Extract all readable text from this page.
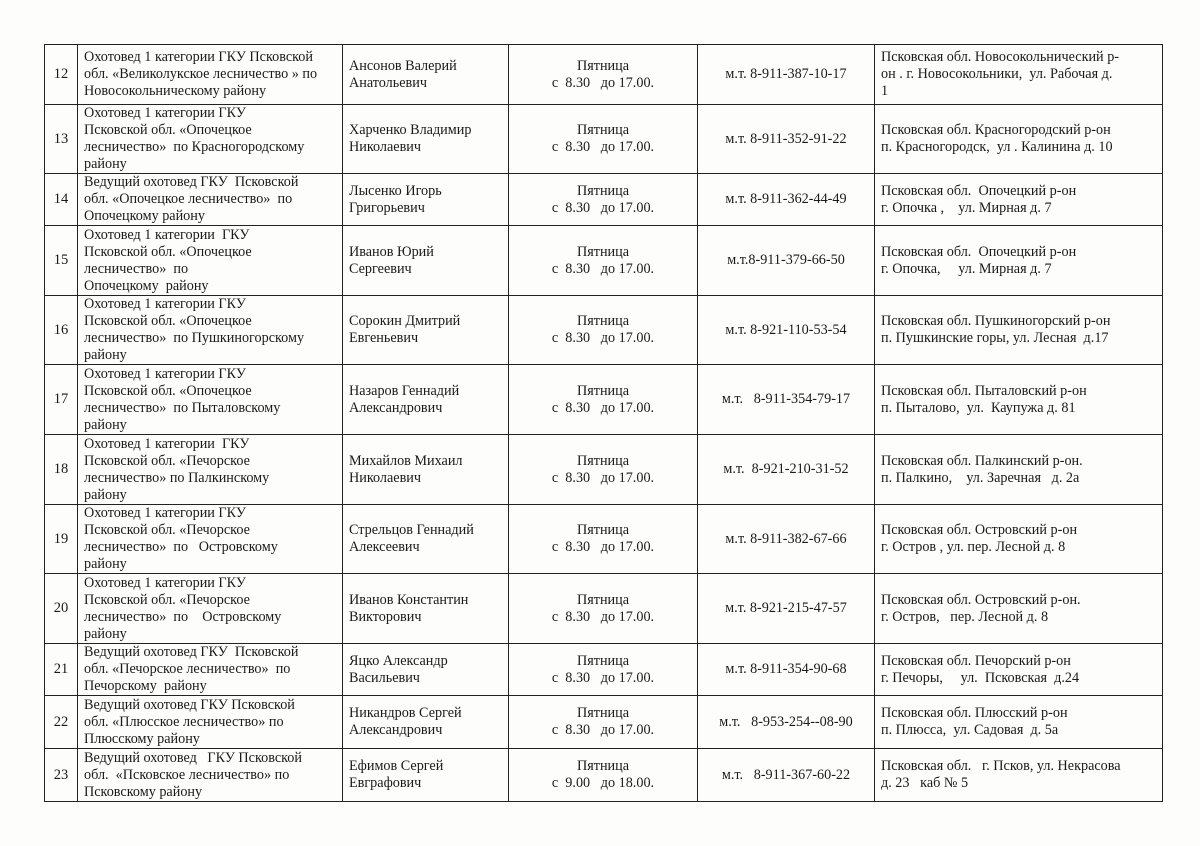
12	Охотовед 1 категории ГКУ Псковской
обл. «Великолукское лесничество » по
Новосокольническому району	Ансонов Валерий
Анатольевич	Пятница
с  8.30   до 17.00.	м.т. 8-911-387-10-17	Псковская обл. Новосокольнический р-
он . г. Новосокольники,  ул. Рабочая д.
1

13	Охотовед 1 категории ГКУ
Псковской обл. «Опочецкое
лесничество»  по Красногородскому
району	Харченко Владимир
Николаевич	Пятница
с  8.30   до 17.00.	м.т. 8-911-352-91-22	Псковская обл. Красногородский р-он
п. Красногородск,  ул . Калинина д. 10

14	Ведущий охотовед ГКУ  Псковской
обл. «Опочецкое лесничество»  по
Опочецкому району	Лысенко Игорь
Григорьевич	Пятница
с  8.30   до 17.00.	м.т. 8-911-362-44-49	Псковская обл.  Опочецкий р-он
г. Опочка ,    ул. Мирная д. 7

15	Охотовед 1 категории  ГКУ
Псковской обл. «Опочецкое
лесничество»  по
Опочецкому  району	Иванов Юрий
Сергеевич	Пятница
с  8.30   до 17.00.	м.т.8-911-379-66-50	Псковская обл.  Опочецкий р-он
г. Опочка,     ул. Мирная д. 7

16	Охотовед 1 категории ГКУ
Псковской обл. «Опочецкое
лесничество»  по Пушкиногорскому
району	Сорокин Дмитрий
Евгеньевич	Пятница
с  8.30   до 17.00.	м.т. 8-921-110-53-54	Псковская обл. Пушкиногорский р-он
п. Пушкинские горы, ул. Лесная  д.17

17	Охотовед 1 категории ГКУ
Псковской обл. «Опочецкое
лесничество»  по Пыталовскому
району	Назаров Геннадий
Александрович	Пятница
с  8.30   до 17.00.	м.т.   8-911-354-79-17	Псковская обл. Пыталовский р-он
п. Пыталово,  ул.  Каупужа д. 81

18	Охотовед 1 категории  ГКУ
Псковской обл. «Печорское
лесничество» по Палкинскому
району	Михайлов Михаил
Николаевич	Пятница
с  8.30   до 17.00.	м.т.  8-921-210-31-52	Псковская обл. Палкинский р-он.
п. Палкино,    ул. Заречная   д. 2а

19	Охотовед 1 категории ГКУ
Псковской обл. «Печорское
лесничество»  по   Островскому
району	Стрельцов Геннадий
Алексеевич	Пятница
с  8.30   до 17.00.	м.т. 8-911-382-67-66	Псковская обл. Островский р-он
г. Остров , ул. пер. Лесной д. 8

20	Охотовед 1 категории ГКУ
Псковской обл. «Печорское
лесничество»  по    Островскому
району	Иванов Константин
Викторович	Пятница
с  8.30   до 17.00.	м.т. 8-921-215-47-57	Псковская обл. Островский р-он.
г. Остров,   пер. Лесной д. 8

21	Ведущий охотовед ГКУ  Псковской
обл. «Печорское лесничество»  по
Печорскому  району	Яцко Александр
Васильевич	Пятница
с  8.30   до 17.00.	м.т. 8-911-354-90-68	Псковская обл. Печорский р-он
г. Печоры,     ул.  Псковская  д.24

22	Ведущий охотовед ГКУ Псковской
обл. «Плюсское лесничество» по
Плюсскому району	Никандров Сергей
Александрович	Пятница
с  8.30   до 17.00.	м.т.   8-953-254--08-90	Псковская обл. Плюсский р-он
п. Плюсса,  ул. Садовая  д. 5а

23	Ведущий охотовед   ГКУ Псковской
обл.  «Псковское лесничество» по
Псковскому району	Ефимов Сергей
Евграфович	Пятница
с  9.00   до 18.00.	м.т.   8-911-367-60-22	Псковская обл.   г. Псков, ул. Некрасова
д. 23   каб № 5
